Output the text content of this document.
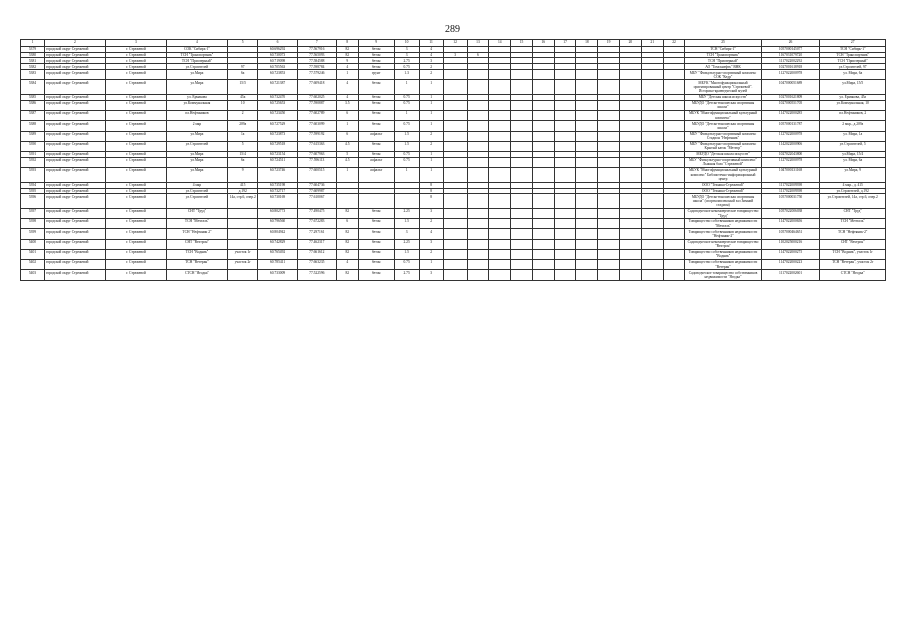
289
1	2	3	4	5	6	7	8	9	10	11	12	13	14	15	16	17	18	19	20	21	22	25	26	27		
5379	городской округ Стрежевой	г. Стрежевой	СОК "Сибирь-1"		60.696292	77.567916	82	бетон	3	4												ТСН "Сибирь-1"	1057000145077	ТСН "Сибирь-1"		
5380	городской округ Стрежевой	г. Стрежевой	ТСН "Транспортник"		60.730073	77.565093	82	бетон	3	4	3	6										ТСН "Транспортник"	1167031079720	ТСН "Транспортник"		
5381	городской округ Стрежевой	г. Стрежевой	ТСН "Приозерный"		60.719098	77.584588	9	бетон	2.75	3												ТСН "Приозерный"	1117022002292	ТСН "Приозерный"		
5382	городской округ Стрежевой	г. Стрежевой	ул.Строителей	97	60.705563	77.598784	4	бетон	0.75	2												АО "Томскнефть" ВНК	1027001618918	ул.Строителей, 97		
5383	городской округ Стрежевой	г. Стрежевой	ул.Мира	6а	60.723853	77.579246	1	грунт	1.3	2												МБУ "Физкультурно-спортивный комплекс СОК "Кедр"	1127022000978	ул. Мира, 6а		
5384	городской округ Стрежевой	г. Стрежевой	ул.Мира	15/5	60.721387	77.609418	4	бетон	1	1												МБУК "Многофункциональный ориентированный центр "Стрежевой". Историко-краеведческий музей	1047000051689	ул.Мира, 15/5		
5385	городской округ Стрежевой	г. Стрежевой	ул. Ермакова	45а	60.732470	77.602025	4	бетон	0.75	1												МБУ "Детская школа искусств"	1027001621809	ул. Ермакова, 45а		
5386	городской округ Стрежевой	г. Стрежевой	ул.Коммунальная	10	60.725653	77.590887	3.5	бетон	0.75	1												МБУДО "Детско-юношеская спортивная школа"	1027000551705	ул.Коммунальная, 10		
5387	городской округ Стрежевой	г. Стрежевой	пл.Нефтяников	2	60.723450	77.602789	6	бетон	1	1												МБУК "Многофункциональный культурный комплекс"	1147022000285	пл.Нефтяников, 2		
5388	городской округ Стрежевой	г. Стрежевой	2 мкр	209а	60.727529	77.603099	1	бетон	0.75	1												МБУДО "Детско-юношеская спортивная школа"	1057000131787	2 мкр., д.209а		
5389	городской округ Стрежевой	г. Стрежевой	ул.Мира	1а	60.723873	77.599192	6	асфальт	1.5	2												МБУ "Физкультурно-спортивный комплекс Стадион "Нефтяник"	1127022000978	ул. Мира, 1а		
5390	городской округ Стрежевой	г. Стрежевой	ул.Строителей	5	60.729518	77.615363	4.5	бетон	1.5	2												МБУ "Физкультурно-спортивный комплекс Крытый каток "Метеор"	1142022000906	ул.Строителей, 5		
5391	городской округ Стрежевой	г. Стрежевой	ул.Мира	15/4	60.723154	77.607963	5	бетон	0.75	1												МБУДО "Детская школа искусств"	1027022043800	ул.Мира, 15/4		
5392	городской округ Стрежевой	г. Стрежевой	ул.Мира	6а	60.724511	77.596113	4.5	асфальт	0.75	1												МБУ "Физкультурно-спортивный комплекс" Лыжная база "Стрежевой"	1127022000978	ул. Мира, 6а		
5393	городской округ Стрежевой	г. Стрежевой	ул.Мира	9	60.723746	77.600515	1	асфальт	1	1												МБУК "Многофункциональный культурный комплекс" Библиотечно-информационный центр	1047000131168	ул.Мира, 9		
5394	городской округ Стрежевой	г. Стрежевой	4 мкр	415	60.735198	77.604736				8												ООО "Техника-Стрежевой"	1117022009398	4 мкр., д. 415		
5395	городской округ Стрежевой	г. Стрежевой	ул.Строителей	д.192	60.732717	77.609987				8												ООО "Техника-Стрежевой"	1117022009398	ул.Строителей, д.192		
5396	городской округ Стрежевой	г. Стрежевой	ул.Строителей	14а, стр.6, очер.2	60.730169	77.610067				8												МБУДО "Детско-юношеская спортивная школа" (спорткомплексный зал Зимний стадион)	1057000031750	ул.Строителей, 14а, стр.6, очер.2		
5397	городской округ Стрежевой	г. Стрежевой	СНТ "Труд"		60.802773	77.490475	82	бетон	2.25	3												Садоводческое некоммерческое товарищество "Труд"	1057022006038	СНТ "Труд"		
5398	городской округ Стрежевой	г. Стрежевой	ТСН "Мечталь"		60.796560	77.672283	6	бетон	1.5	2												Товарищество собственников недвижимости "Мечталь"	1147022000656	ТСН "Мечталь"		
5399	городской округ Стрежевой	г. Стрежевой	ТСН "Нефтяник 2"		60.804942	77.297161	82	бетон	3	4												Товарищество собственников недвижимости "Нефтяник-2"	1057000464651	ТСН "Нефтяник-2"		
5400	городской округ Стрежевой	г. Стрежевой	СНТ "Вехтрон"		60.742829	77.462317	82	бетон	2.25	3												Садоводческое некоммерческое товарищество "Вехтрон"	1102025000216	СНТ "Вехтрон"		
5401	городской округ Стрежевой	г. Стрежевой	ТСН "Водник"	участок 1г	60.765492	77.661612	82	бетон	1.5	2												Товарищество собственников недвижимости "Водник"	1147022000275	ТСН "Водник", участок 1г		
5402	городской округ Стрежевой	г. Стрежевой	ТСН "Ветеран"	участок 2г	60.785411	77.663235	4	бетон	0.75	1												Товарищество собственников недвижимости "Ветеран"	1147022000223	ТСН "Ветеран", участок 2г		
5403	городской округ Стрежевой	г. Стрежевой	СТСН "Ягодка"		60.733009	77.522596	82	бетон	2.75	3												Садоводческое товарищество собственников недвижимости "Ягодка"	1117022002601	СТСН "Ягодка"		
